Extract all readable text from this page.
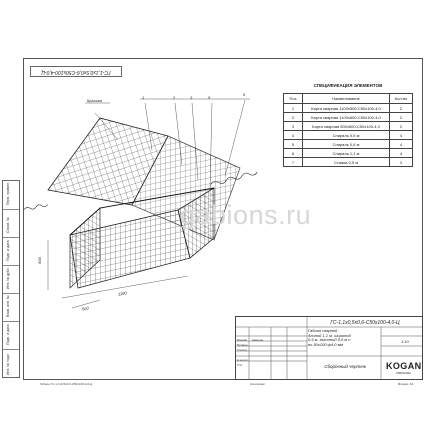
ГС-1,1х0,5х0,6-С50х100-4,0-Ц
Перв. примен.
Справ. №
Подп. и дата
Инв. № дубл.
Взам. инв. №
Подп. и дата
Инв. № подл.
Крышка
1	2	3	5
6
600
1100
500
gabions.ru
СПЕЦИФИКАЦИЯ ЭЛЕМЕНТОВ
Поз	Наименование	Кол-во
1	Карта сварная 1100х500-С50х100-4,0	2
2	Карта сварная 1100х600-С50х100-4,0	2
3	Карта сварная 500х600-С50х100-4,0	2
4	Спираль 0,5 м	4
5	Спираль 0,6 м	4
6	Спираль 1,1 м	4
7	Стяжка 0,5 м	3
ГС-1,1х0,5х0,6-С50х100-4,0-Ц
Габион сварной
длиной 1,1 м, шириной
0,5 м, высотой 0,6 м с
яч.50х100 ф4,0 мм
Сборочный чертеж
1:10
KOGAN
ГАБИОНЫ
Разраб. Шевцов
Провер.
Т.контр.
Н.контр.
Утв.
Габион ГС-1,1х0,5х0,6-С50х100-4,0-Ц	Копировал	Формат А3
